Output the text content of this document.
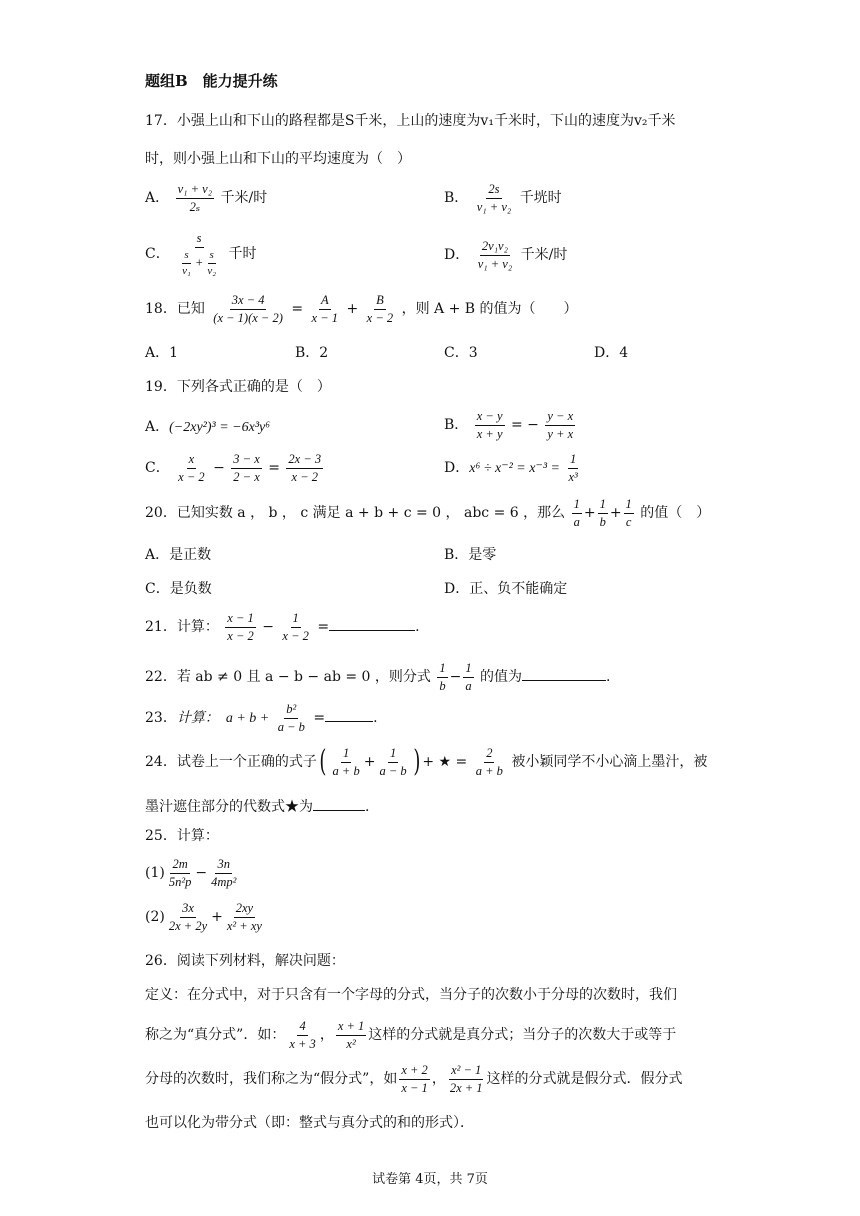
题组B　能力提升练
17．小强上山和下山的路程都是S千米，上山的速度为v₁千米时，下山的速度为v₂千米
时，则小强上山和下山的平均速度为（　）
A． $\frac{\text{v₁ + v₂}}{\text{2ₛ}}$ 千米/时	B． $\frac{2s}{\text{v₁ + v₂}}$ 千垙时
C． $\frac{s}{\frac{s}{\text{v₁}} + \frac{s}{\text{v₂}}}$ 千时	D． $\frac{\text{2v₁v₂}}{\text{v₁ + v₂}}$ 千米/时
18．已知 $\frac{3x - 4}{(x - 1)(x - 2)} = \frac{A}{x - 1} + \frac{B}{x - 2}$ ，则 A + B 的值为（　　）
A．1	B．2	C．3	D．4
19．下列各式正确的是（　）
A．(−2xy²)³ = −6x³y⁶	B． $\frac{x - y}{x + y}$ = − $\frac{y - x}{y + x}$
C． $\frac{x}{x - 2} - \frac{3 - x}{2 - x} = \frac{2x - 3}{x - 2}$	D．$x^6 \div x^{-2} = x^{-3} = \frac{1}{\text{x³}}$
20．已知实数 a ， b ， c 满足 a + b + c = 0 ， abc = 6 ，那么 $\frac{1}{a} + \frac{1}{b} + \frac{1}{c}$ 的值（　）
A．是正数	B．是零
C．是负数	D．正、负不能确定
21．计算： $\frac{x - 1}{x - 2} - \frac{1}{x - 2}$ =	.
22．若 ab ≠ 0 且 a − b − ab = 0 ，则分式 $\frac{1}{b} - \frac{1}{a}$ 的值为	.
23．计算：　$a + b + \frac{\text{b²}}{a - b}$ =	.
24．试卷上一个正确的式子( $\frac{1}{a + b} + \frac{1}{a - b}$ ) + ★ = $\frac{2}{a + b}$ 被小颖同学不小心滴上墨汁，被
墨汁遮住部分的代数式★为	.
25．计算：
$(1) \frac{2m}{\text{5n²p}} - \frac{3n}{\text{4mp²}}$
$(2) \frac{3x}{2x + 2y} + \frac{2xy}{\text{x² + xy}}$
26．阅读下列材料，解决问题：
定义：在分式中，对于只含有一个字母的分式，当分子的次数小于分母的次数时，我们
称之为“真分式”．如： $\frac{4}{x + 3}$ ， $\frac{x + 1}{\text{x²}}$ 这样的分式就是真分式；当分子的次数大于或等于
分母的次数时，我们称之为“假分式”，如 $\frac{x + 2}{x - 1}$ ， $\frac{\text{x² − 1}}{2x + 1}$ 这样的分式就是假分式．假分式
也可以化为带分式（即：整式与真分式的和的形式）．
试卷第 4页，共 7页
